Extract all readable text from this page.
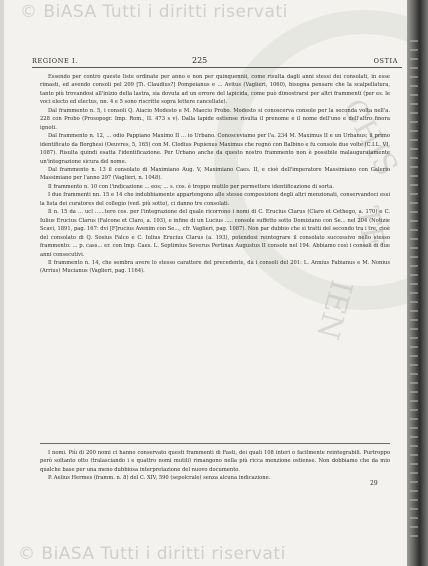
CHIS
TE
IEN
© BiASA Tutti i diritti riservati
REGIONE I.	225	OSTIA

Essendo per contro queste liste ordinate per anno e non per quinquennii, come risulta dagli anni stessi dei consolati, in esse rimasti, ed avendo consoli pel 209 [Ti. Claudius?] Pompeianus e ... Avitus (Vaglieri, 1060), bisogna pensare che la scalpellatura, tanto più trovandosi all'inizio della lastra, sia dovuta ad un errore del lapicida, come può dimostrarsi per altri frammenti (per es. le voci electo ed electus, nn. 4 e 5 sono riscritte sopra lettere cancellate).

Dal frammento n. 5, i consoli Q. Aiacio Modesto e M. Maecio Probo. Modesto si conoscerva console per la seconda volta nell'a. 228 con Probo (Prosopogr. Imp. Rom., II. 473 s v). Dalla lapide ostiense risulta il prenome e il nome dell'uno e dell'altro finora ignoti.

Dal frammento n. 12, ... odio Pappiano Maximo II ... io Urbano. Conosceviamo per l'a. 234 M. Maximus II e un Urbanus; il primo identificato da Borghesi (Oeuvres, 5, 165) con M. Clodius Pupienus Maximus che regnò con Balbino e fu console due volte (C.I.L. VI, 1087). Risulta quindi esatta l'identificazione. Per Urbano anche da questo nostro frammento non è possibile malauguratamente un'integrazione sicura del nome.

Dal frammento n. 13 il consolato di Maximiano Aug. V, Maximiano Caes. II, e cioè dell'imperatore Massimiano con Galerio Massimiano per l'anno 297 (Vaglieri, n. 1048).

Il frammento n. 10 con l'indicazione ... eos; ... s. cos. è troppo mutilo per permettere identificazione di sorta.

I due frammenti nn. 15 e 14 che indubbiamente appartengono alle stesse composizioni degli altri menzionati, conservandoci essi la lista dei curatores del collegio (ved. più sotto), ci danno tre consolati.

Il n. 15 da ... ucl ......tero cos. per l'integrazione del quale ricorrono i nomi di C. Erucius Clarus (Claro et Cethego, a. 170) e C. Iulius Erucius Clarus (Falcone et Claro, a. 193), e infine di un Lucius ..... console suffetto sotto Domiziano con Se... nel 204 (Notizie Scavi, 1891, pag. 167: dvi [F]rucius Avenim con Se..., cfr. Vaglieri, pag. 1087). Non par dubbio che si tratti del secondo tra i tre, cioè del consolato di Q. Sosius Falco e C. Iulius Erucius Clarus (a. 193), potendosi reintegrare il consolato successivo nello stesso frammento: ... p. cass... er. con Imp. Caes. L. Septimius Severus Pertinax Augustus II console nel 194. Abbiamo così i consoli di due anni consecutivi.

Il frammento n. 14, che sembra avere lo stesso carattere del precedente, dà i consoli del 201: L. Annius Fabianus e M. Nonius (Arrius) Mucianus (Vaglieri, pag. 1164).

I nomi. Più di 200 nomi ci hanno conservato questi frammenti di Fasti, dei quali 108 interi o facilmente reintegrabili. Purtroppo però soltanto otto (tralasciando i e quattro nomi mutili) rimangono nella più ricca menzione ostiense. Non dobbiamo che da mio qualche base per una meno dubbiosa interpretazione del nuovo documento.

P. Aelius Hermes (framm. n. 8) del C. XIV, 590 (sepolcrale) senza alcuna indicazione.

29
© BiASA Tutti i diritti riservati
